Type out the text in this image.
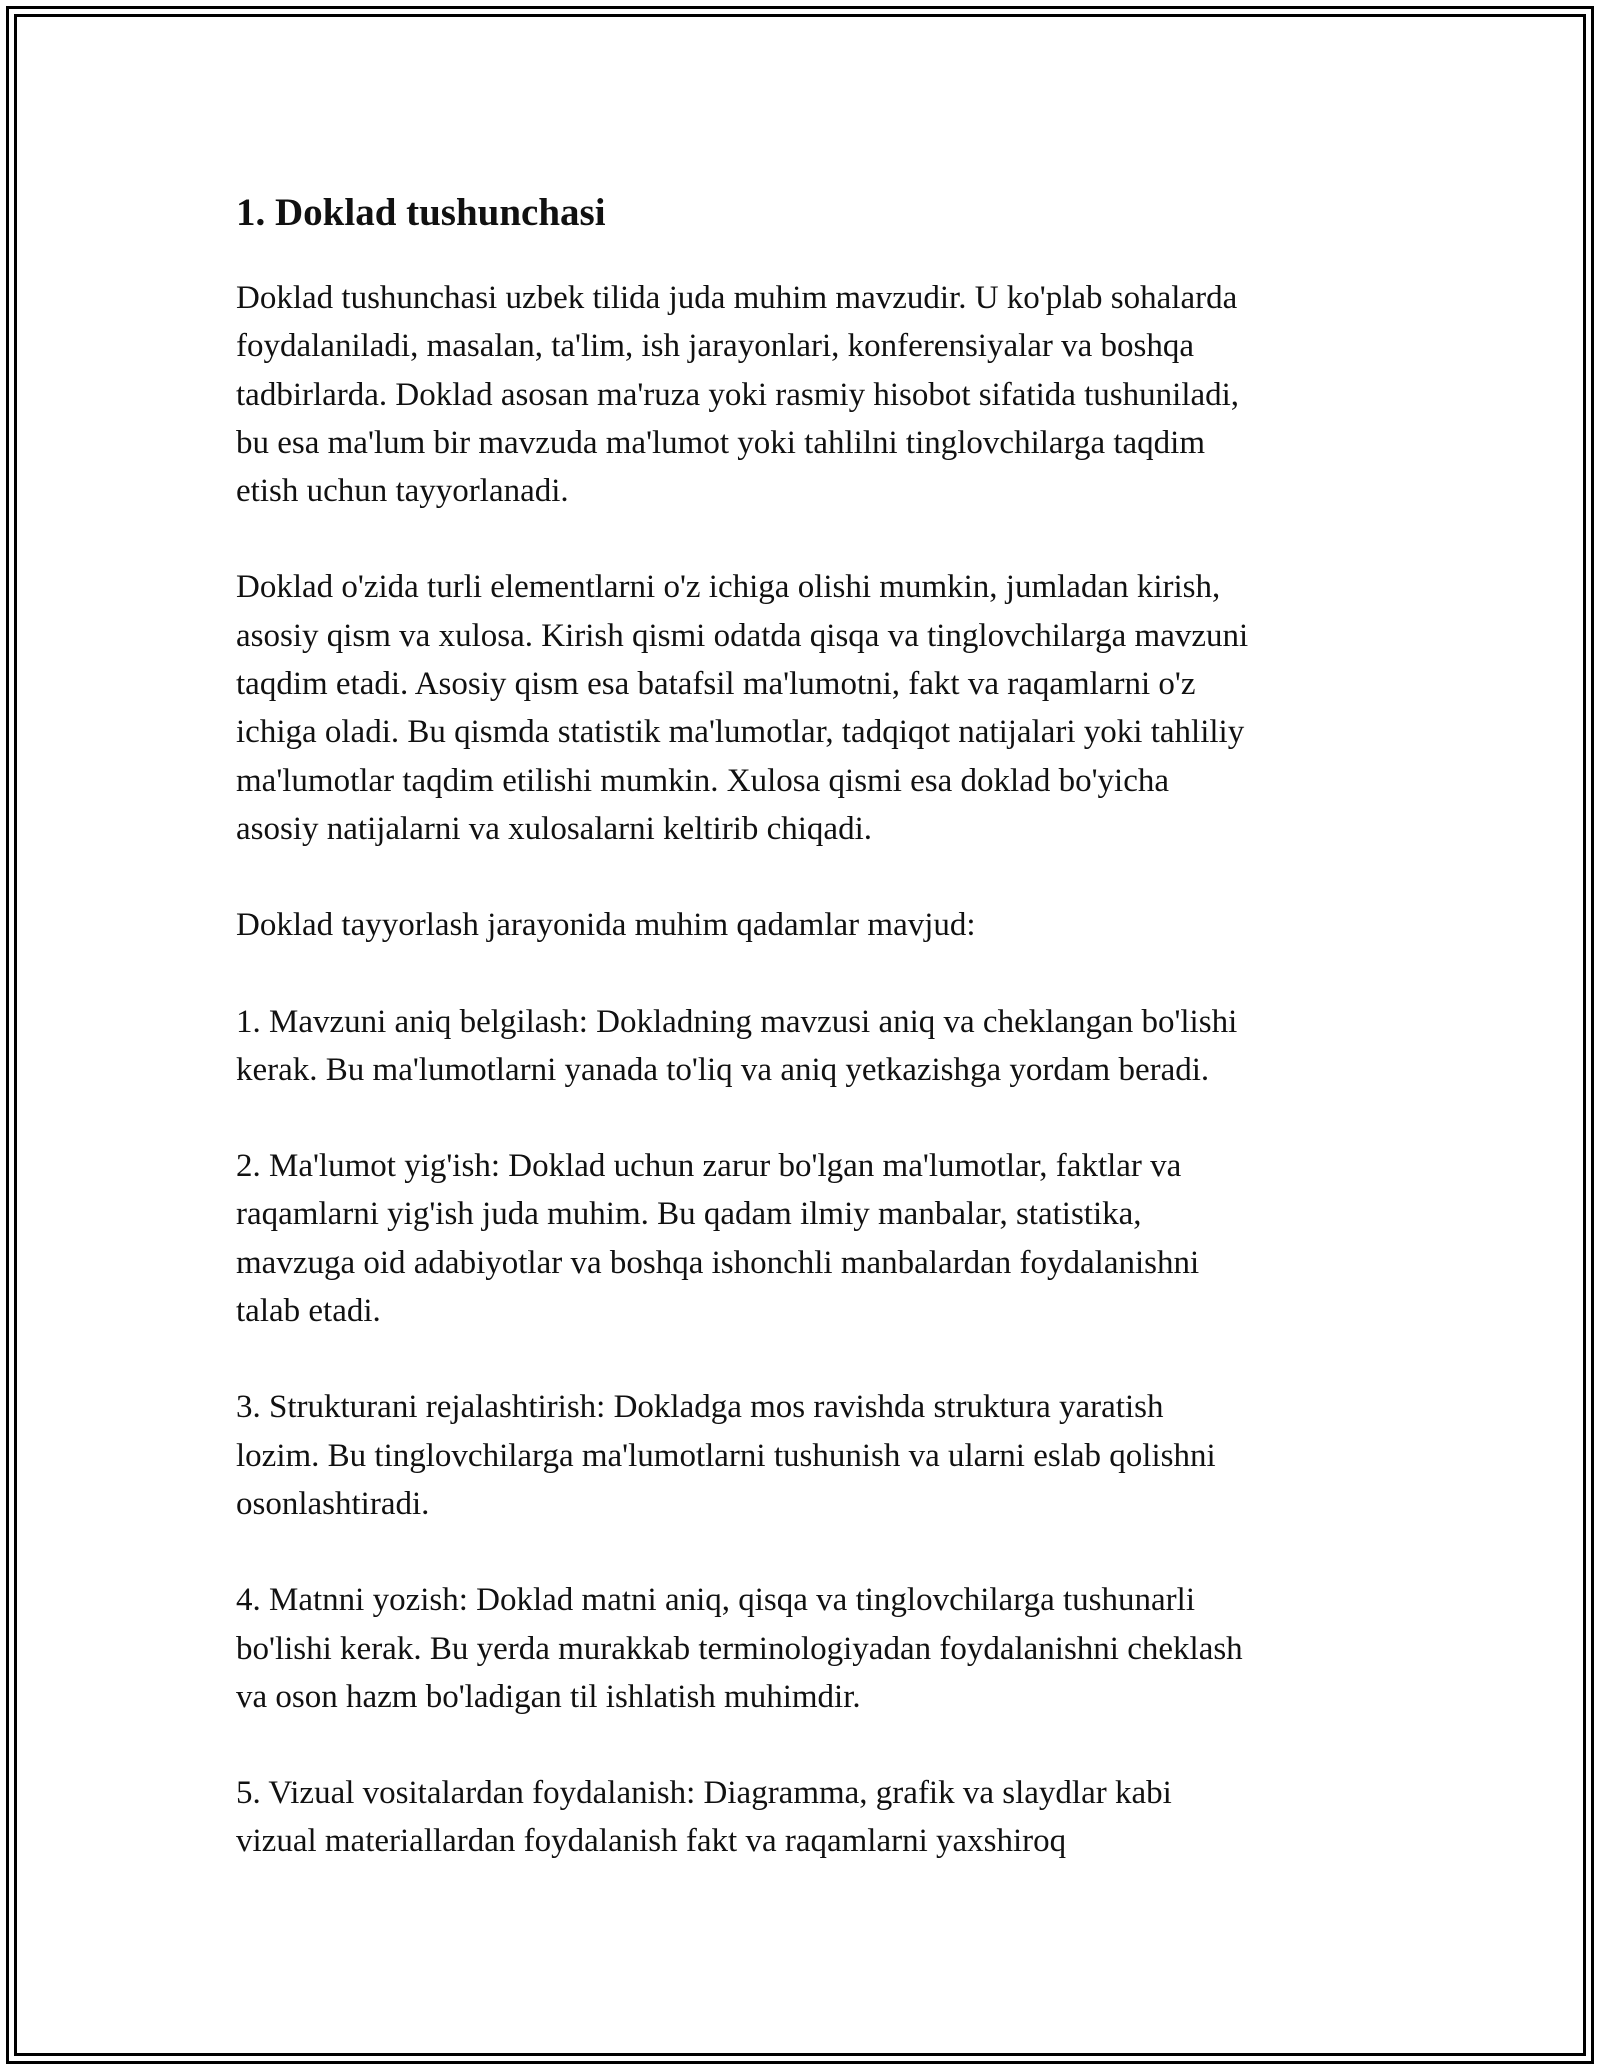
1. Doklad tushunchasi

Doklad tushunchasi uzbek tilida juda muhim mavzudir. U ko'plab sohalarda
foydalaniladi, masalan, ta'lim, ish jarayonlari, konferensiyalar va boshqa
tadbirlarda. Doklad asosan ma'ruza yoki rasmiy hisobot sifatida tushuniladi,
bu esa ma'lum bir mavzuda ma'lumot yoki tahlilni tinglovchilarga taqdim
etish uchun tayyorlanadi.

Doklad o'zida turli elementlarni o'z ichiga olishi mumkin, jumladan kirish,
asosiy qism va xulosa. Kirish qismi odatda qisqa va tinglovchilarga mavzuni
taqdim etadi. Asosiy qism esa batafsil ma'lumotni, fakt va raqamlarni o'z
ichiga oladi. Bu qismda statistik ma'lumotlar, tadqiqot natijalari yoki tahliliy
ma'lumotlar taqdim etilishi mumkin. Xulosa qismi esa doklad bo'yicha
asosiy natijalarni va xulosalarni keltirib chiqadi.

Doklad tayyorlash jarayonida muhim qadamlar mavjud:

1. Mavzuni aniq belgilash: Dokladning mavzusi aniq va cheklangan bo'lishi
kerak. Bu ma'lumotlarni yanada to'liq va aniq yetkazishga yordam beradi.

2. Ma'lumot yig'ish: Doklad uchun zarur bo'lgan ma'lumotlar, faktlar va
raqamlarni yig'ish juda muhim. Bu qadam ilmiy manbalar, statistika,
mavzuga oid adabiyotlar va boshqa ishonchli manbalardan foydalanishni
talab etadi.

3. Strukturani rejalashtirish: Dokladga mos ravishda struktura yaratish
lozim. Bu tinglovchilarga ma'lumotlarni tushunish va ularni eslab qolishni
osonlashtiradi.

4. Matnni yozish: Doklad matni aniq, qisqa va tinglovchilarga tushunarli
bo'lishi kerak. Bu yerda murakkab terminologiyadan foydalanishni cheklash
va oson hazm bo'ladigan til ishlatish muhimdir.

5. Vizual vositalardan foydalanish: Diagramma, grafik va slaydlar kabi
vizual materiallardan foydalanish fakt va raqamlarni yaxshiroq
